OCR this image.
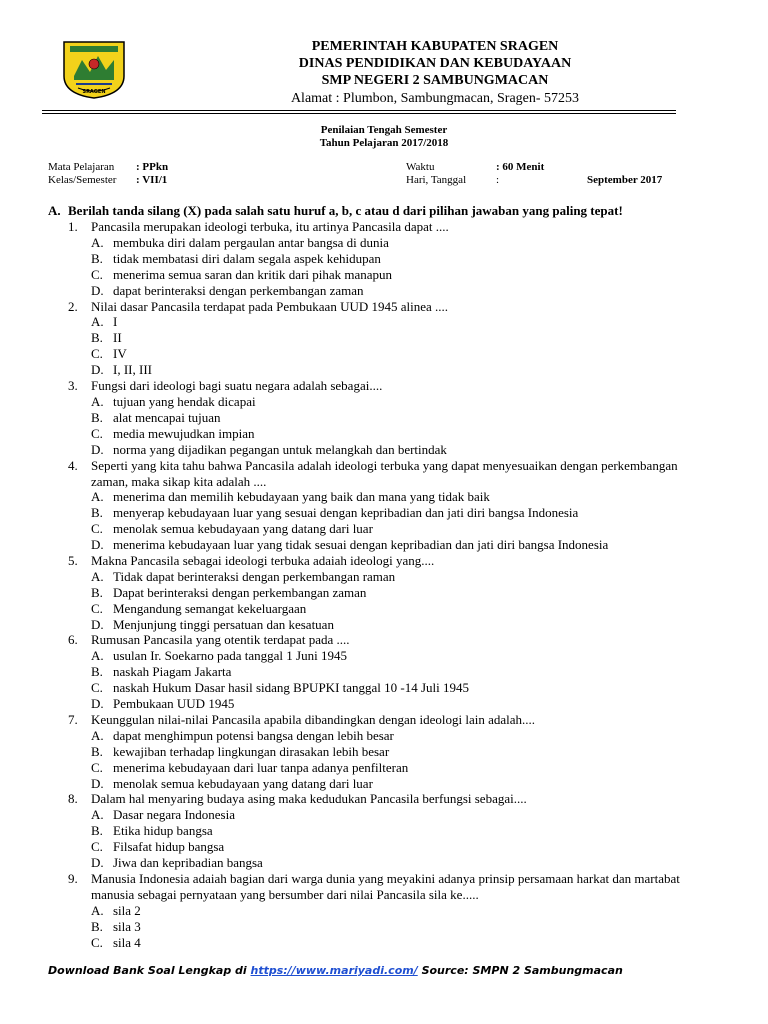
SRAGEN
PEMERINTAH KABUPATEN SRAGEN
DINAS PENDIDIKAN DAN KEBUDAYAAN
SMP NEGERI 2 SAMBUNGMACAN
Alamat : Plumbon, Sambungmacan, Sragen- 57253
Penilaian Tengah Semester
Tahun Pelajaran 2017/2018
Mata Pelajaran : PPkn
Kelas/Semester : VII/1
Waktu	: 60 Menit
Hari, Tanggal	:	September 2017
A. Berilah tanda silang (X) pada salah satu huruf a, b, c atau d dari pilihan jawaban yang paling tepat!
1. Pancasila merupakan ideologi terbuka, itu artinya Pancasila dapat ....
A. membuka diri dalam pergaulan antar bangsa di dunia
B. tidak membatasi diri dalam segala aspek kehidupan
C. menerima semua saran dan kritik dari pihak manapun
D. dapat berinteraksi dengan perkembangan zaman
2. Nilai dasar Pancasila terdapat pada Pembukaan UUD 1945 alinea ....
A. I
B. II
C. IV
D. I, II, III
3. Fungsi dari ideologi bagi suatu negara adalah sebagai....
A. tujuan yang hendak dicapai
B. alat mencapai tujuan
C. media mewujudkan impian
D. norma yang dijadikan pegangan untuk melangkah dan bertindak
4. Seperti yang kita tahu bahwa Pancasila adalah ideologi terbuka yang dapat menyesuaikan dengan perkembangan
zaman, maka sikap kita adalah ....
A. menerima dan memilih kebudayaan yang baik dan mana yang tidak baik
B. menyerap kebudayaan luar yang sesuai dengan kepribadian dan jati diri bangsa Indonesia
C. menolak semua kebudayaan yang datang dari luar
D. menerima kebudayaan luar yang tidak sesuai dengan kepribadian dan jati diri bangsa Indonesia
5. Makna Pancasila sebagai ideologi terbuka adaiah ideologi yang....
A. Tidak dapat berinteraksi dengan perkembangan raman
B. Dapat berinteraksi dengan perkembangan zaman
C. Mengandung semangat kekeluargaan
D. Menjunjung tinggi persatuan dan kesatuan
6. Rumusan Pancasila yang otentik terdapat pada ....
A. usulan Ir. Soekarno pada tanggal 1 Juni 1945
B. naskah Piagam Jakarta
C. naskah Hukum Dasar hasil sidang BPUPKI tanggal 10 -14 Juli 1945
D. Pembukaan UUD 1945
7. Keunggulan nilai-nilai Pancasila apabila dibandingkan dengan ideologi lain adalah....
A. dapat menghimpun potensi bangsa dengan lebih besar
B. kewajiban terhadap lingkungan dirasakan lebih besar
C. menerima kebudayaan dari luar tanpa adanya penfilteran
D. menolak semua kebudayaan yang datang dari luar
8. Dalam hal menyaring budaya asing maka kedudukan Pancasila berfungsi sebagai....
A. Dasar negara Indonesia
B. Etika hidup bangsa
C. Filsafat hidup bangsa
D. Jiwa dan kepribadian bangsa
9. Manusia Indonesia adaiah bagian dari warga dunia yang meyakini adanya prinsip persamaan harkat dan martabat
manusia sebagai pernyataan yang bersumber dari nilai Pancasila sila ke.....
A. sila 2
B. sila 3
C. sila 4
Download Bank Soal Lengkap di https://www.mariyadi.com/ Source: SMPN 2 Sambungmacan
